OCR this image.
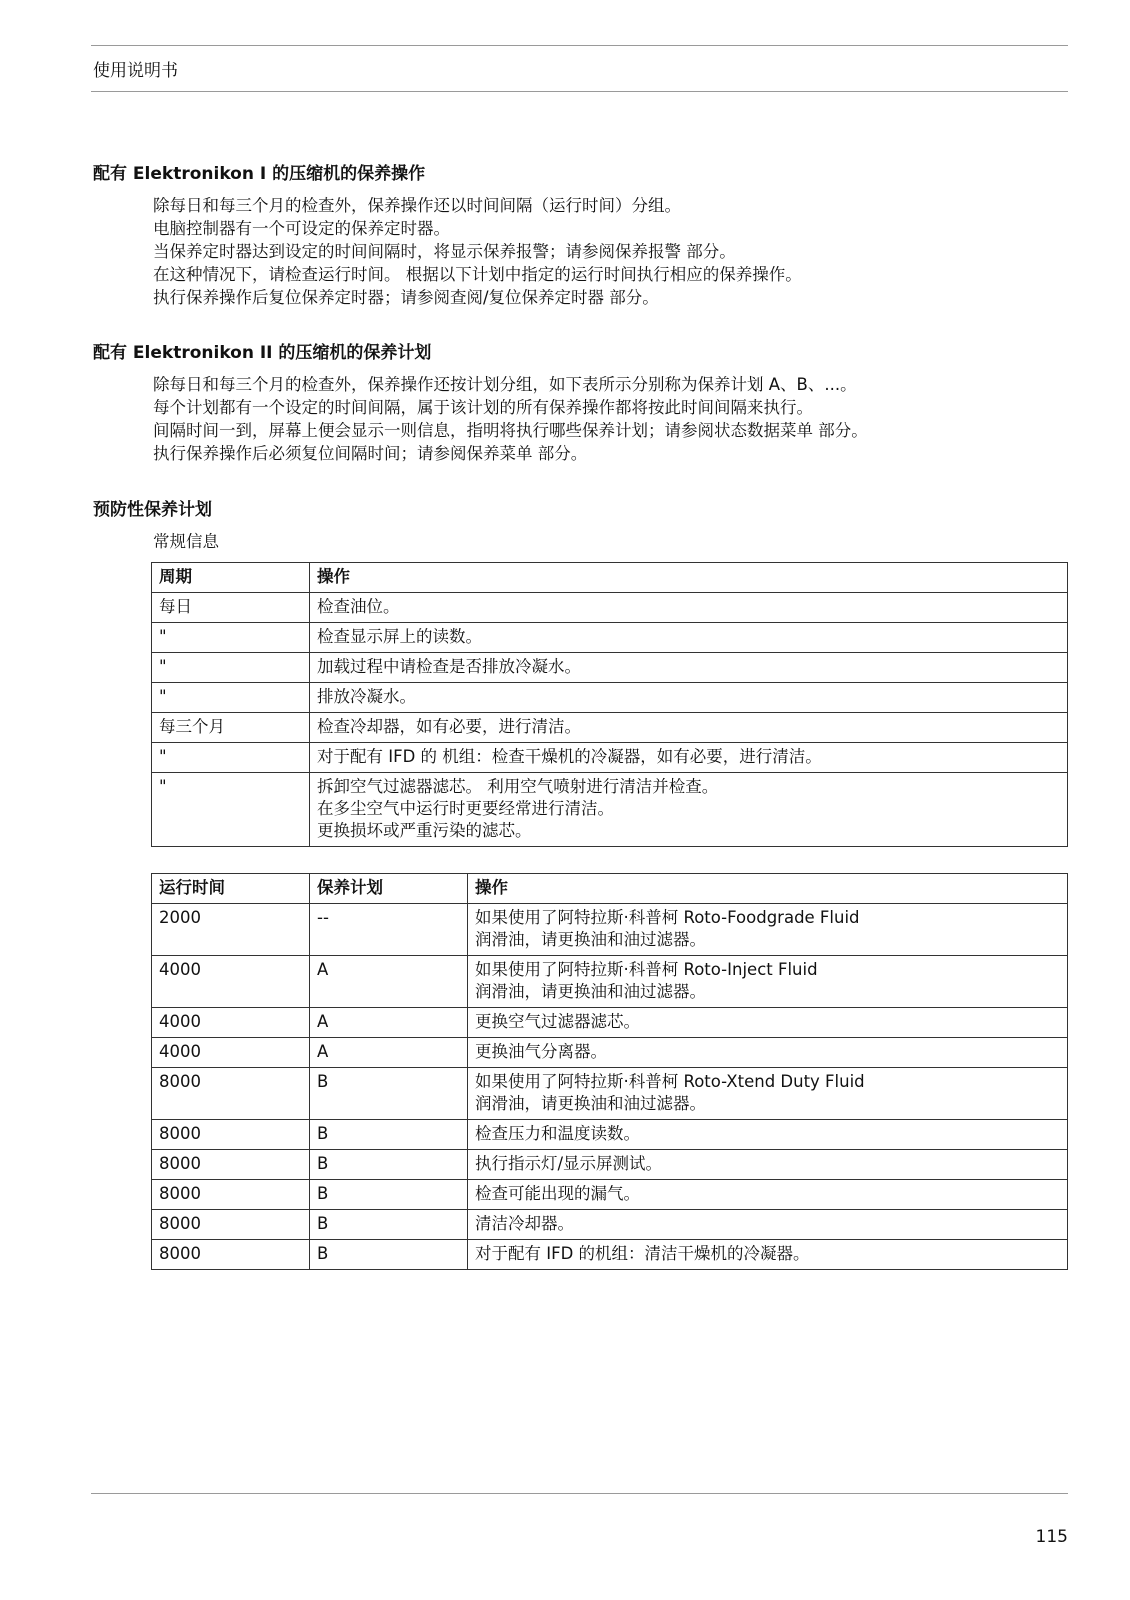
使用说明书
配有 Elektronikon I 的压缩机的保养操作
除每日和每三个月的检查外，保养操作还以时间间隔（运行时间）分组。
电脑控制器有一个可设定的保养定时器。
当保养定时器达到设定的时间间隔时，将显示保养报警；请参阅保养报警 部分。
在这种情况下，请检查运行时间。 根据以下计划中指定的运行时间执行相应的保养操作。
执行保养操作后复位保养定时器；请参阅查阅/复位保养定时器 部分。
配有 Elektronikon II 的压缩机的保养计划
除每日和每三个月的检查外，保养操作还按计划分组，如下表所示分别称为保养计划 A、B、...。
每个计划都有一个设定的时间间隔，属于该计划的所有保养操作都将按此时间间隔来执行。
间隔时间一到，屏幕上便会显示一则信息，指明将执行哪些保养计划；请参阅状态数据菜单 部分。
执行保养操作后必须复位间隔时间；请参阅保养菜单 部分。
预防性保养计划
常规信息
周期	操作
每日	检查油位。
"	检查显示屏上的读数。
"	加载过程中请检查是否排放冷凝水。
"	排放冷凝水。
每三个月	检查冷却器，如有必要，进行清洁。
"	对于配有 IFD 的 机组：检查干燥机的冷凝器，如有必要，进行清洁。
"	拆卸空气过滤器滤芯。 利用空气喷射进行清洁并检查。
在多尘空气中运行时更要经常进行清洁。
更换损坏或严重污染的滤芯。
运行时间	保养计划	操作
2000	--	如果使用了阿特拉斯·科普柯 Roto-Foodgrade Fluid
润滑油，请更换油和油过滤器。

4000	A	如果使用了阿特拉斯·科普柯 Roto-Inject Fluid
润滑油，请更换油和油过滤器。

4000	A	更换空气过滤器滤芯。
4000	A	更换油气分离器。
8000	B	如果使用了阿特拉斯·科普柯 Roto-Xtend Duty Fluid
润滑油，请更换油和油过滤器。

8000	B	检查压力和温度读数。
8000	B	执行指示灯/显示屏测试。
8000	B	检查可能出现的漏气。
8000	B	清洁冷却器。
8000	B	对于配有 IFD 的机组：清洁干燥机的冷凝器。
115
